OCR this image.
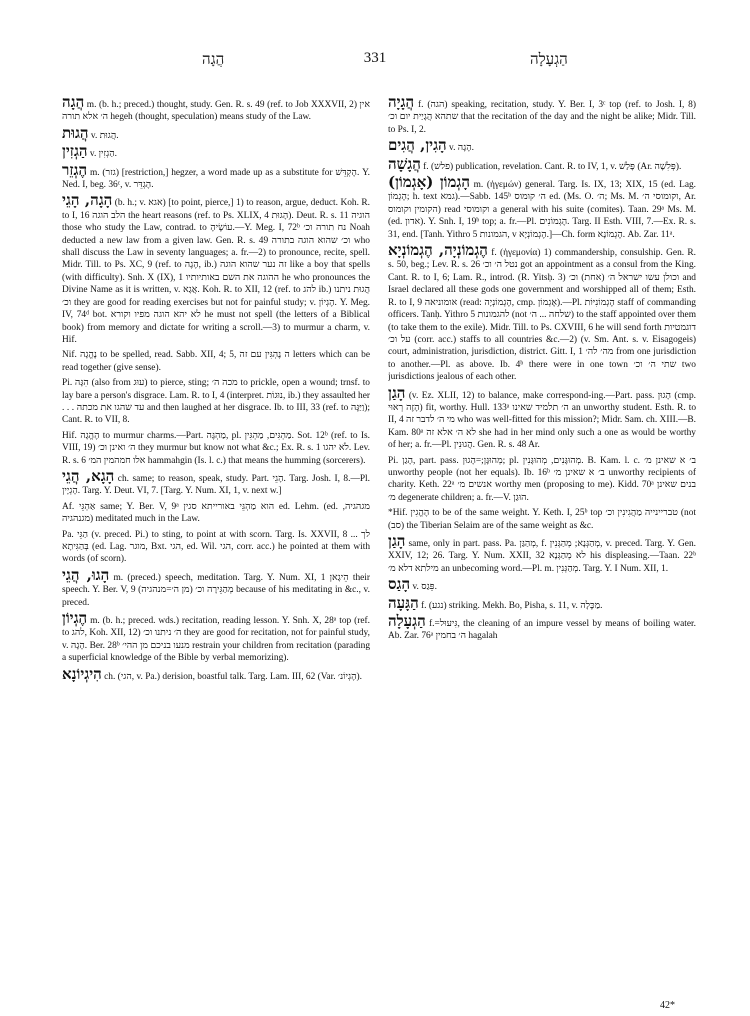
הֲגָה	331	הַגְעָלָה

הֲגָה m. (b. h.; preced.) thought, study. Gen. R. s. 49 (ref. to Job XXXVII, 2) אין ה׳ אלא תורה hegeh (thought, speculation) means study of the Law.

הֲגוּת v. הֲגוּת.

הַגְזִין v. הַגְזִין.

הֶגְזֵר m. (גזר) [restriction,] hegzer, a word made up as a substitute for הֶקְדֵּשׁ. Y. Ned. I, beg. 36ᶜ, v. הֶגְדֵּר.

הָגָה, הָגֵי (b. h.; v. אגא) [to point, pierce,] 1) to reason, argue, deduct. Koh. R. to I, 16 הלב הוגה the heart reasons (ref. to Ps. XLIX, 4 הָגוּת). Deut. R. s. 11 הוגיה those who study the Law, contrad. to עוֹשֶׂיהָ.—Y. Meg. I, 72ᵇ נח תורה וכ׳ Noah deducted a new law from a given law. Gen. R. s. 49 וכ׳ שהוא הוגה בתורה who shall discuss the Law in seventy languages; a. fr.—2) to pronounce, recite, spell. Midr. Till. to Ps. XC, 9 (ref. to הֶגֶה, ib.) זה נער שהוא הוגה like a boy that spells (with difficulty). Snh. X (IX), 1 ההוגה את השם באותיותיו he who pronounces the Divine Name as it is written, v. אֲגָא. Koh. R. to XII, 12 (ref. to להג ib.) הֲגוּת ניתנו וכ׳ they are good for reading exercises but not for painful study; v. הֶגְיוֹן. Y. Meg. IV, 74ᵈ bot. לא יהא הוגה מפיו וקורא he must not spell (the letters of a Biblical book) from memory and dictate for writing a scroll.—3) to murmur a charm, v. Hif.

Nif. נֶהֱגָה to be spelled, read. Sabb. XII, 4; 5, ה נֶהְגִּין עם זה letters which can be read together (give sense).

Pi. הִגָּה (also from עוּג) to pierce, sting; מכה ה׳ to prickle, open a wound; trnsf. to lay bare a person's disgrace. Lam. R. to I, 4 (interpret. נוּגוֹת, ib.) they assaulted her . . . עד שהגו את מכתה and then laughed at her disgrace. Ib. to III, 33 (ref. to וַיַּגֶּה); Cant. R. to VII, 8.

Hif. הֶהֱגָה to murmur charms.—Part. מַהְגֶּה, pl. מַהְגִּים, מַהְגִּין. Sot. 12ᵇ (ref. to Is. VIII, 19) ה׳ ואינן וכ׳ they murmur but know not what &c.; Ex. R. s. 1 לֹא יהגו. Lev. R. s. 6 אלו חמהמין המ׳ hammahgin (Is. l. c.) that means the humming (sorcerers).

הָגָא, הֲגֵי ch. same; to reason, speak, study. Part. הָגֵי. Targ. Josh. I, 8.—Pl. הָגְיָין. Targ. Y. Deut. VI, 7. [Targ. Y. Num. XI, 1, v. next w.]

Af. אַהְגֵּי same; Y. Ber. V, 9ᵃ הוא מַהְגֵּי באורייתא סגין ed. Lehm. (ed. מגהגיה, מגנהגיה) meditated much in the Law.

Pa. הַגֵּי (v. preced. Pi.) to sting, to point at with scorn. Targ. Is. XXVII, 8 לך ... בְּהַגִּיתָא (ed. Lag. מוגר, Bxt. הגי, ed. Wil. הגי, corr. acc.) he pointed at them with words (of scorn).

הָגוּ, הֲגֵי m. (preced.) speech, meditation. Targ. Y. Num. XI, 1 הֵיגָאן their speech. Y. Ber. V, 9 מְהַגֵּירָה וכ׳ (מן ה׳=מנהגיה) because of his meditating in &c., v. preced.

הֶגְיוֹן m. (b. h.; preced. wds.) recitation, reading lesson. Y. Snh. X, 28ᵃ top (ref. to להג, Koh. XII, 12) ה׳ ניתנו וכ׳ they are good for recitation, not for painful study, v. הָגָה. Ber. 28ᵇ מנעו בניכם מן ההי׳ restrain your children from recitation (parading a superficial knowledge of the Bible by verbal memorizing).

הִיגְיוֹנָא ch. (הגי, v. Pa.) derision, boastful talk. Targ. Lam. III, 62 (Var. הֶגְיוֹנ׳).

הֲגָיָה f. (הגה) speaking, recitation, study. Y. Ber. I, 3ᶜ top (ref. to Josh. I, 8) שתהא הֲגָיַית יום וכ׳ that the recitation of the day and the night be alike; Midr. Till. to Ps. I, 2.

הָגִין, הֲגִים v. הָגָה.

הֲגָשָׁה f. (פלש) publication, revelation. Cant. R. to IV, 1, v. פָּלַשׁ (Ar. פְּלִשָׁה).

הָגְמוֹן (אָגְמוֹן) m. (ἡγεμών) general. Targ. Is. IX, 13; XIX, 15 (ed. Lag. הֶגְמוֹן; h. text גמא).—Sabb. 145ᵇ ה׳ קומוס ed. (Ms. O. ה׳; Ms. M. וקומוסי ה׳, Ar. הקומין וקומוס) read וקומוסי a general with his suite (comites). Taan. 29ᵃ Ms. M. (ed. אדון). Y. Snh. I, 19ᵇ top; a. fr.—Pl. הֶגְמוֹנִים. Targ. II Esth. VIII, 7.—Ex. R. s. 31, end. [Tanh. Yithro 5 הגמונות, v הֶגְמוֹנְיָא.]—Ch. form הֶגְמוֹנָא. Ab. Zar. 11ᵃ.

הֶגְמוֹנְיָה, הֶגְמוֹנְיָא f. (ἡγεμονία) 1) commandership, consulship. Gen. R. s. 50, beg.; Lev. R. s. 26 נטל ה׳ וכ׳ got an appointment as a consul from the King. Cant. R. to I, 6; Lam. R., introd. (R. Yitsḥ. 3) וכולן עשו ישראל ה׳ (אחת) וכ׳ and Israel declared all these gods one government and worshipped all of them; Esth. R. to I, 9 אומוניאה (read: הֶגְמוֹנְיָה, cmp. אֶגְמוֹן).—Pl. הֶגְמוֹנִיּוֹת staff of commanding officers. Tanḥ. Yithro 5 להגמונות (not שלחה ... ה׳) to the staff appointed over them (to take them to the exile). Midr. Till. to Ps. CXVIII, 6 he will send forth דוגמטיות על וכ׳ (corr. acc.) staffs to all countries &c.—2) (v. Sm. Ant. s. v. Eisagogeis) court, administration, jurisdiction, district. Gitt. I, 1 מה׳ לה׳ from one jurisdiction to another.—Pl. as above. Ib. 4ᵇ there were in one town שתי ה׳ וכ׳ two jurisdictions jealous of each other.

הָגַן (v. Ez. XLII, 12) to balance, make correspond-ing.—Part. pass. הָגוּן (cmp. הָזֶה רְאוּי) fit, worthy. Hull. 133ᵃ ה׳ תלמיד שאינו an unworthy student. Esth. R. to II, 4 מי ה׳ לדבר זה who was well-fitted for this mission?; Midr. Sam. ch. XIII.—B. Kam. 80ᵃ לא ה׳ אלא זה she had in her mind only such a one as would be worthy of her; a. fr.—Pl. הֲגוּנִין. Gen. R. s. 48 Ar.

Pi. הָגַן, part. pass. מְהוּגָּן;=הָגוּן; pl. מְהוּגָּנִים, מְהוּגָּנִין. B. Kam. l. c. ב׳ א שאינן מ׳ unworthy people (not her equals). Ib. 16ᵇ ב׳ א שאינן מ׳ unworthy recipients of charity. Keth. 22ᵃ אנשים מ׳ worthy men (proposing to me). Kidd. 70ᵃ בנים שאינן מ׳ degenerate children; a. fr.—V. הוּגַן.

*Hif. הֶהֱגִין to be of the same weight. Y. Keth. I, 25ᵇ top טבריינייה מַהֲגִינִין וכ׳ (not (סב) the Tiberian Selaim are of the same weight as &c.

הָגַן same, only in part. pass. Pa. מְהַגַּן, f. מְהַגְּנָא; מְהַגְּנִין, v. preced. Targ. Y. Gen. XXIV, 12; 26. Targ. Y. Num. XXII, 32 לא מְהַגְּנָא his displeasing.—Taan. 22ᵇ מילתא דלא מ׳ an unbecoming word.—Pl. m. מְהַגְּנִין. Targ. Y. I Num. XII, 1.

הָגַס v. פֵּגַס.

הַגָּעָה f. (נגע) striking. Mekh. Bo, Pisha, s. 11, v. מַכֶּלָה.

הַגְעָלָה f.=גִּיעוּל, the cleaning of an impure vessel by means of boiling water. Ab. Zar. 76ᵃ ה׳ בחמין hagalah

42*
